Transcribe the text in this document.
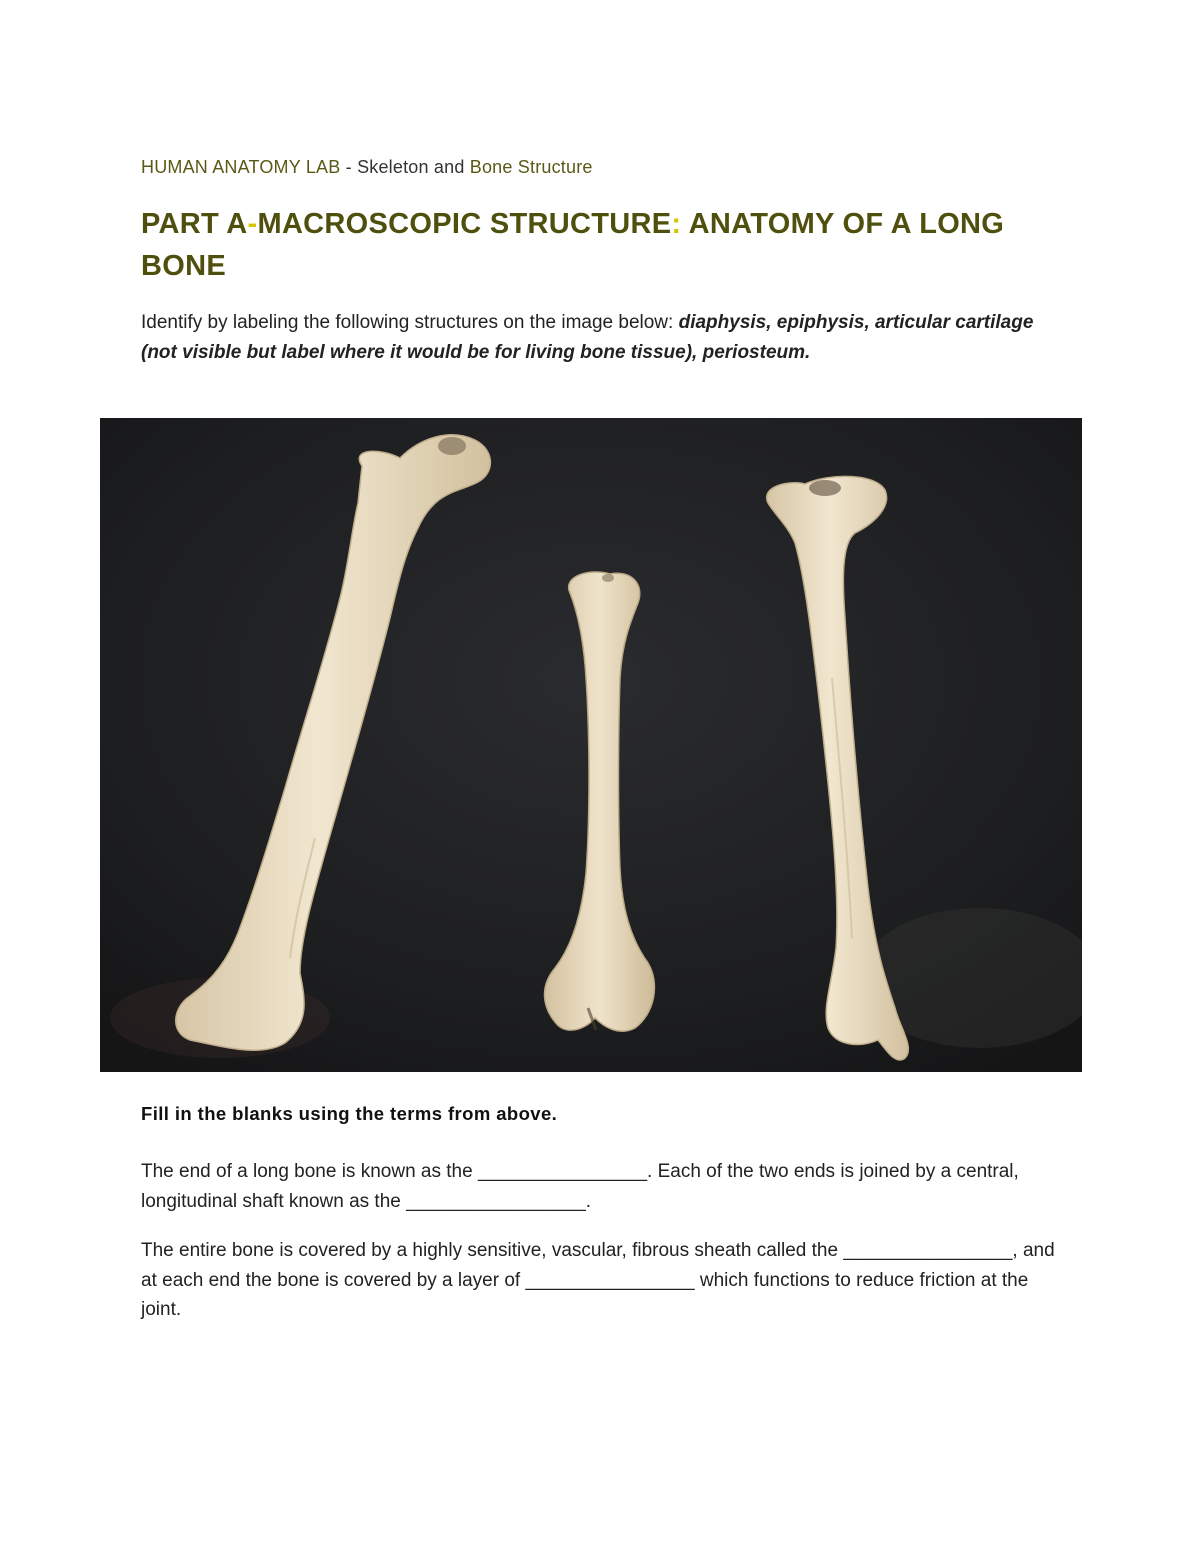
HUMAN ANATOMY LAB - Skeleton and Bone Structure
PART A-MACROSCOPIC STRUCTURE: ANATOMY OF A LONG BONE

Identify by labeling the following structures on the image below: diaphysis, epiphysis, articular cartilage (not visible but label where it would be for living bone tissue), periosteum.

Fill in the blanks using the terms from above.

The end of a long bone is known as the ________________. Each of the two ends is joined by a central, longitudinal shaft known as the _________________.

The entire bone is covered by a highly sensitive, vascular, fibrous sheath called the ________________, and at each end the bone is covered by a layer of ________________ which functions to reduce friction at the joint.
